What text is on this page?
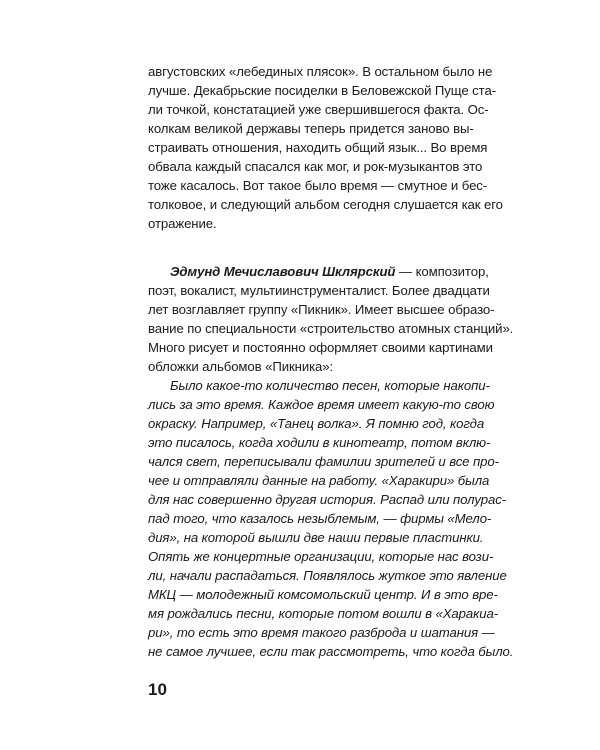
августовских «лебединых плясок». В остальном было не
лучше. Декабрьские посиделки в Беловежской Пуще ста-
ли точкой, констатацией уже свершившегося факта. Ос-
колкам великой державы теперь придется заново вы-
страивать отношения, находить общий язык... Во время
обвала каждый спасался как мог, и рок-музыкантов это
тоже касалось. Вот такое было время — смутное и бес-
толковое, и следующий альбом сегодня слушается как его
отражение.
Эдмунд Мечиславович Шклярский — композитор,
поэт, вокалист, мультиинструменталист. Более двадцати
лет возглавляет группу «Пикник». Имеет высшее образо-
вание по специальности «строительство атомных станций».
Много рисует и постоянно оформляет своими картинами
обложки альбомов «Пикника»:
Было какое-то количество песен, которые накопи-
лись за это время. Каждое время имеет какую-то свою
окраску. Например, «Танец волка». Я помню год, когда
это писалось, когда ходили в кинотеатр, потом вклю-
чался свет, переписывали фамилии зрителей и все про-
чее и отправляли данные на работу. «Харакири» была
для нас совершенно другая история. Распад или полурас-
пад того, что казалось незыблемым, — фирмы «Мело-
дия», на которой вышли две наши первые пластинки.
Опять же концертные организации, которые нас вози-
ли, начали распадаться. Появлялось жуткое это явление
МКЦ — молодежный комсомольский центр. И в это вре-
мя рождались песни, которые потом вошли в «Харакиа-
ри», то есть это время такого разброда и шатания —
не самое лучшее, если так рассмотреть, что когда было.
10
